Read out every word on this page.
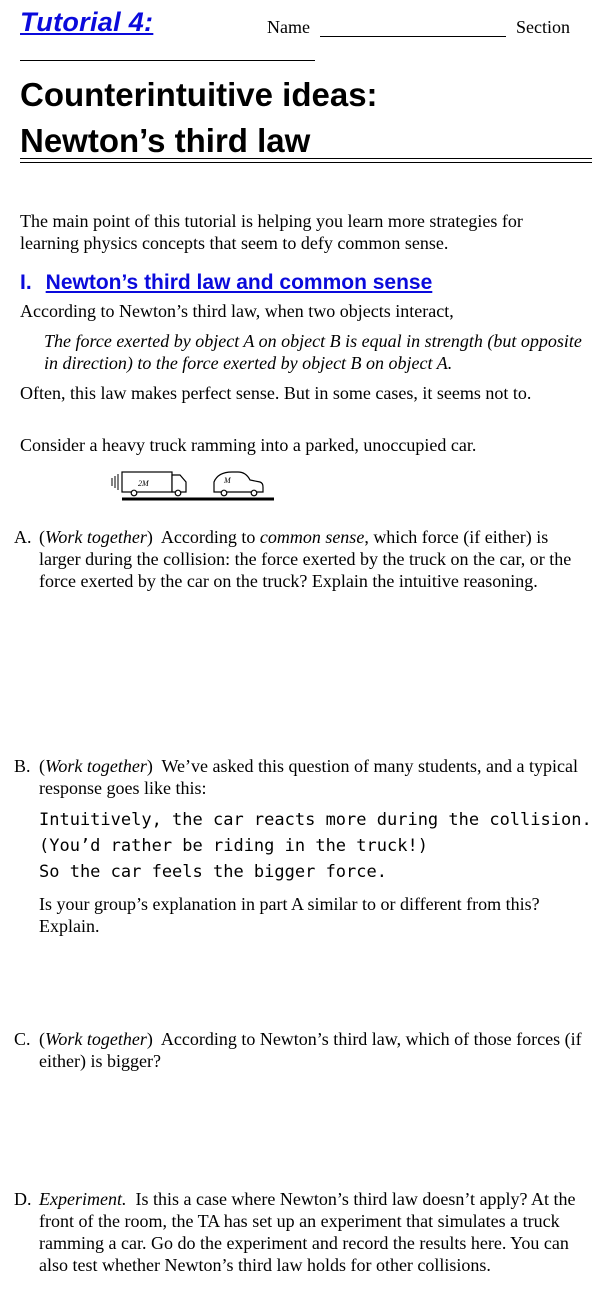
Tutorial 4:	Name	Section
Counterintuitive ideas:
Newton’s third law
The main point of this tutorial is helping you learn more strategies for learning physics concepts that seem to defy common sense.
I. Newton’s third law and common sense
According to Newton’s third law, when two objects interact,
The force exerted by object A on object B is equal in strength (but opposite in direction) to the force exerted by object B on object A.
Often, this law makes perfect sense. But in some cases, it seems not to.
Consider a heavy truck ramming into a parked, unoccupied car.
2M	M
A. (Work together)  According to common sense, which force (if either) is larger during the collision: the force exerted by the truck on the car, or the force exerted by the car on the truck? Explain the intuitive reasoning.
B. (Work together)  We’ve asked this question of many students, and a typical response goes like this:
Intuitively, the car reacts more during the collision. (You’d rather be riding in the truck!)
So the car feels the bigger force.
Is your group’s explanation in part A similar to or different from this? Explain.
C. (Work together)  According to Newton’s third law, which of those forces (if either) is bigger?
D. Experiment. Is this a case where Newton’s third law doesn’t apply? At the front of the room, the TA has set up an experiment that simulates a truck ramming a car. Go do the experiment and record the results here. You can also test whether Newton’s third law holds for other collisions.
